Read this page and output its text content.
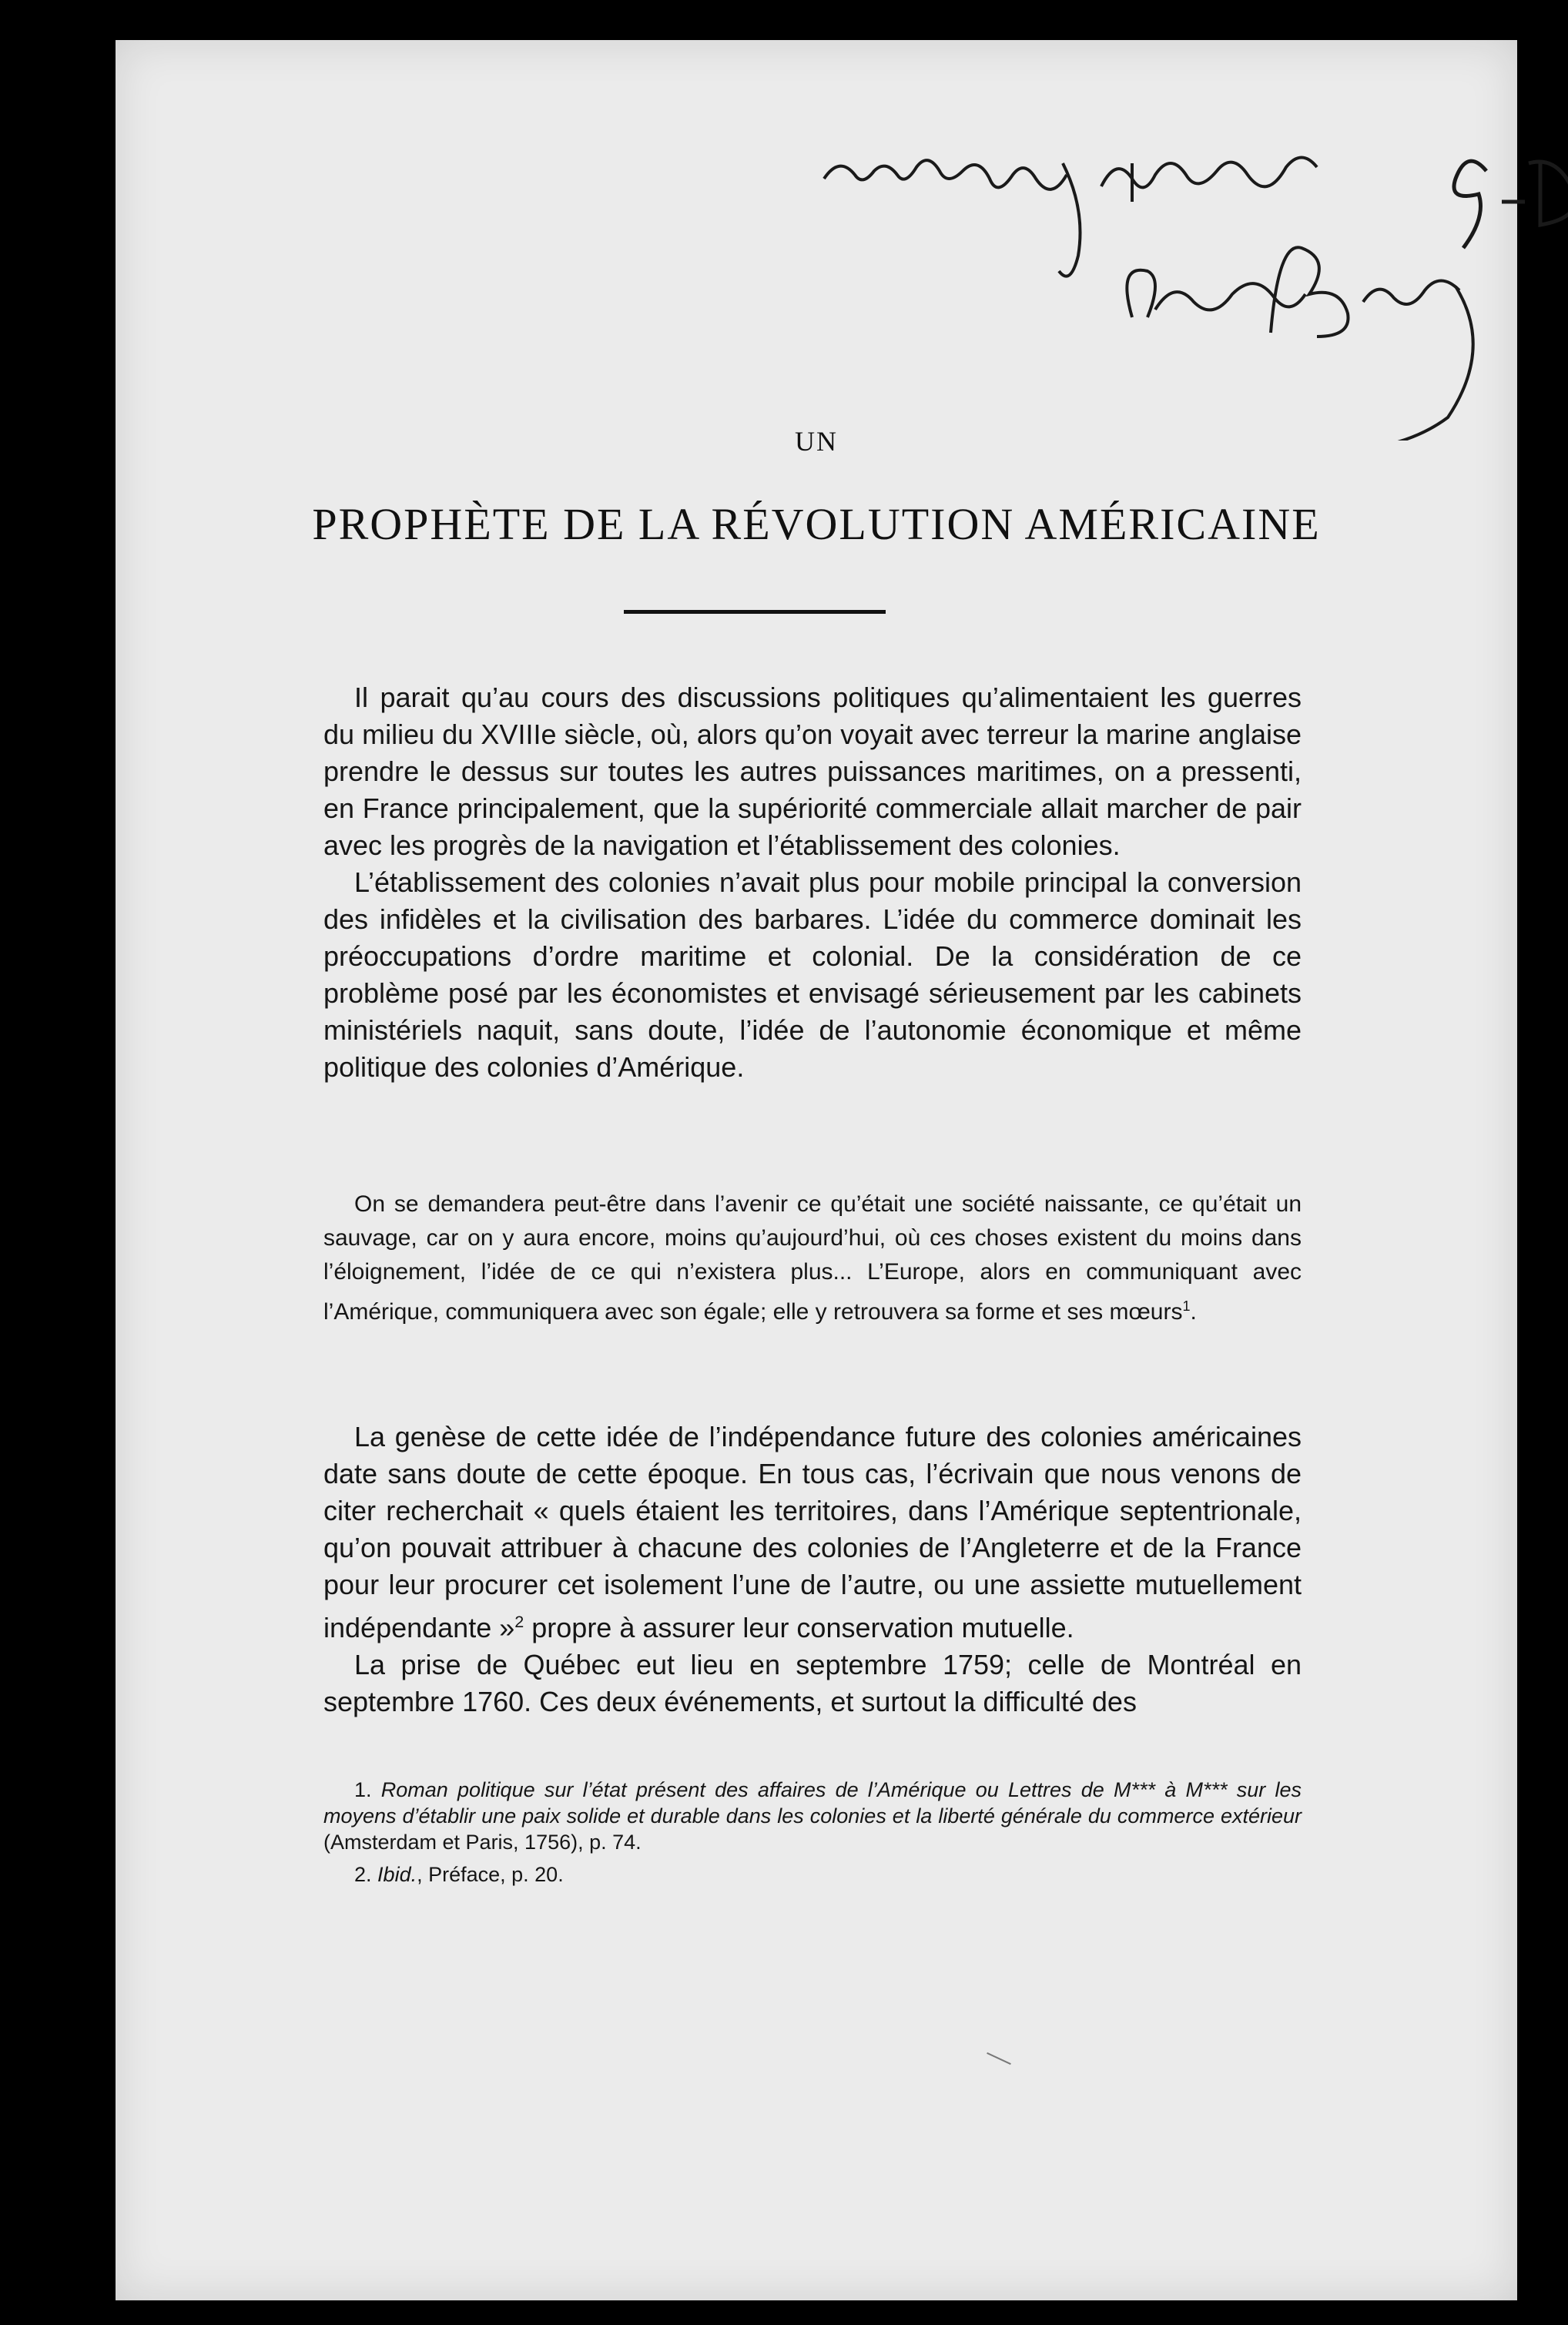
UN
PROPHÈTE DE LA RÉVOLUTION AMÉRICAINE

Il parait qu’au cours des discussions politiques qu’alimentaient les guerres du milieu du XVIIIe siècle, où, alors qu’on voyait avec terreur la marine anglaise prendre le dessus sur toutes les autres puissances maritimes, on a pressenti, en France principalement, que la supériorité commerciale allait marcher de pair avec les progrès de la navigation et l’établissement des colonies.

L’établissement des colonies n’avait plus pour mobile principal la conversion des infidèles et la civilisation des barbares. L’idée du commerce dominait les préoccupations d’ordre maritime et colonial. De la considération de ce problème posé par les économistes et envisagé sérieusement par les cabinets ministériels naquit, sans doute, l’idée de l’autonomie économique et même politique des colonies d’Amérique.

On se demandera peut-être dans l’avenir ce qu’était une société naissante, ce qu’était un sauvage, car on y aura encore, moins qu’aujourd’hui, où ces choses existent du moins dans l’éloignement, l’idée de ce qui n’existera plus... L’Europe, alors en communiquant avec l’Amérique, communiquera avec son égale; elle y retrouvera sa forme et ses mœurs$^1$.

La genèse de cette idée de l’indépendance future des colonies américaines date sans doute de cette époque. En tous cas, l’écrivain que nous venons de citer recherchait « quels étaient les territoires, dans l’Amérique septentrionale, qu’on pouvait attribuer à chacune des colonies de l’Angleterre et de la France pour leur procurer cet isolement l’une de l’autre, ou une assiette mutuellement indépendante »$^2$ propre à assurer leur conservation mutuelle.

La prise de Québec eut lieu en septembre 1759; celle de Montréal en septembre 1760. Ces deux événements, et surtout la difficulté des

1. Roman politique sur l’état présent des affaires de l’Amérique ou Lettres de M*** à M*** sur les moyens d’établir une paix solide et durable dans les colonies et la liberté générale du commerce extérieur (Amsterdam et Paris, 1756), p. 74.

2. Ibid., Préface, p. 20.
